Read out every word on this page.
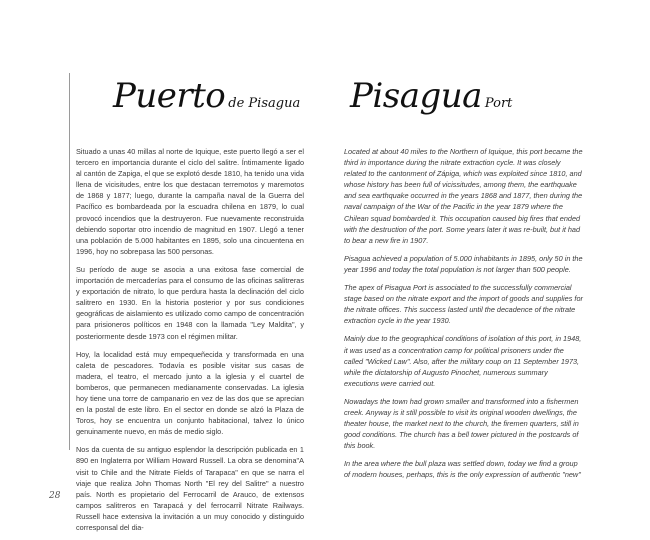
Puerto de Pisagua Pisagua Port

Situado a unas 40 millas al norte de Iquique, este puerto llegó a ser el tercero en importancia durante el ciclo del salitre. Íntimamente ligado al cantón de Zapiga, el que se explotó desde 1810, ha tenido una vida llena de vicisitudes, entre los que destacan terremotos y maremotos de 1868 y 1877; luego, durante la campaña naval de la Guerra del Pacífico es bombardeada por la escuadra chilena en 1879, lo cual provocó incendios que la destruyeron. Fue nuevamente reconstruida debiendo soportar otro incendio de magnitud en 1907. Llegó a tener una población de 5.000 habitantes en 1895, solo una cincuentena en 1996, hoy no sobrepasa las 500 personas.

Su período de auge se asocia a una exitosa fase comercial de importación de mercaderías para el consumo de las oficinas salitreras y exportación de nitrato, lo que perdura hasta la declinación del ciclo salitrero en 1930. En la historia posterior y por sus condiciones geográficas de aislamiento es utilizado como campo de concentración para prisioneros políticos en 1948 con la llamada "Ley Maldita", y posteriormente desde 1973 con el régimen militar.

Hoy, la localidad está muy empequeñecida y transformada en una caleta de pescadores. Todavía es posible visitar sus casas de madera, el teatro, el mercado junto a la iglesia y el cuartel de bomberos, que permanecen medianamente conservadas. La iglesia hoy tiene una torre de campanario en vez de las dos que se aprecian en la postal de este libro. En el sector en donde se alzó la Plaza de Toros, hoy se encuentra un conjunto habitacional, talvez lo único genuinamente nuevo, en más de medio siglo.

Nos da cuenta de su antiguo esplendor la descripción publicada en 1 890 en Inglaterra por William Howard Russell. La obra se denomina"A visit to Chile and the Nitrate Fields of Tarapaca" en que se narra el viaje que realiza John Thomas North "El rey del Salitre" a nuestro país. North es propietario del Ferrocarril de Arauco, de extensos campos salitreros en Tarapacá y del ferrocarril Nitrate Railways. Russell hace extensiva la invitación a un muy conocido y distinguido corresponsal del dia-

Located at about 40 miles to the Northern of Iquique, this port became the third in importance during the nitrate extraction cycle. It was closely related to the cantonment of Zápiga, which was exploited since 1810, and whose history has been full of vicissitudes, among them, the earthquake and sea earthquake occurred in the years 1868 and 1877, then during the naval campaign of the War of the Pacific in the year 1879 where the Chilean squad bombarded it. This occupation caused big fires that ended with the destruction of the port. Some years later it was re-built, but it had to bear a new fire in 1907.

Pisagua achieved a population of 5.000 inhabitants in 1895, only 50 in the year 1996 and today the total population is not larger than 500 people.

The apex of Pisagua Port is associated to the successfully commercial stage based on the nitrate export and the import of goods and supplies for the nitrate offices. This success lasted until the decadence of the nitrate extraction cycle in the year 1930.

Mainly due to the geographical conditions of isolation of this port, in 1948, it was used as a concentration camp for political prisoners under the called "Wicked Law". Also, after the military coup on 11 September 1973, while the dictatorship of Augusto Pinochet, numerous summary executions were carried out.

Nowadays the town had grown smaller and transformed into a fishermen creek. Anyway is it still possible to visit its original wooden dwellings, the theater house, the market next to the church, the firemen quarters, still in good conditions. The church has a bell tower pictured in the postcards of this book.

In the area where the bull plaza was settled down, today we find a group of modern houses, perhaps, this is the only expression of authentic "new"

28
